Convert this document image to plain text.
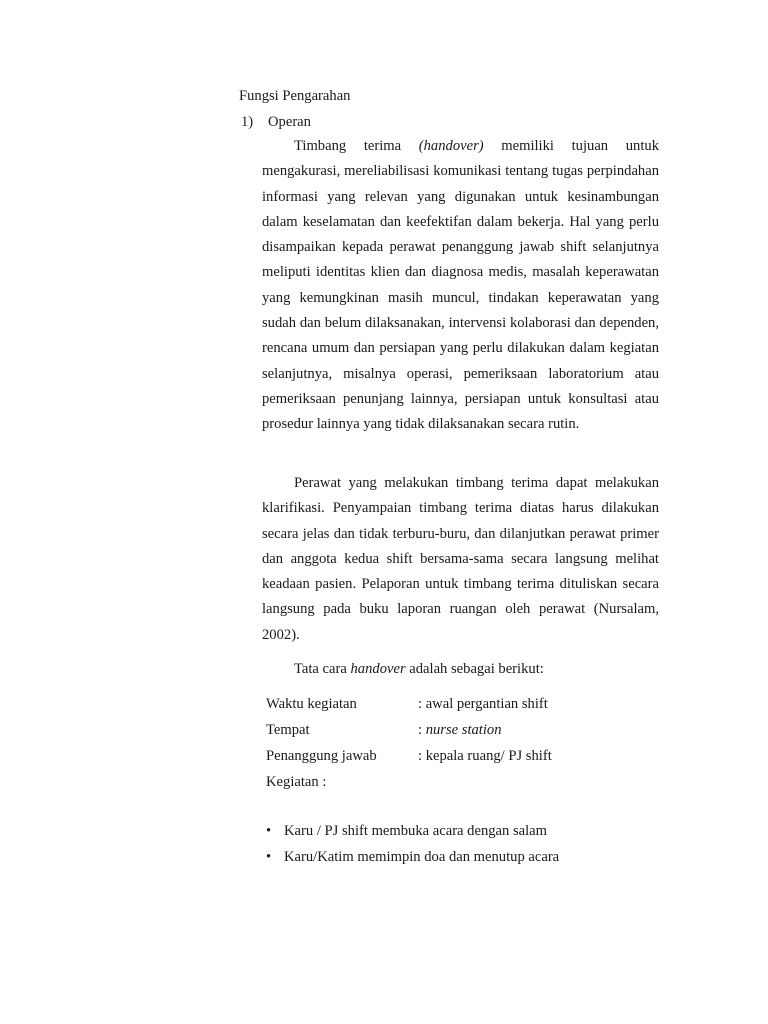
Fungsi Pengarahan
1) Operan

Timbang terima (handover) memiliki tujuan untuk mengakurasi, mereliabilisasi komunikasi tentang tugas perpindahan informasi yang relevan yang digunakan untuk kesinambungan dalam keselamatan dan keefektifan dalam bekerja. Hal yang perlu disampaikan kepada perawat penanggung jawab shift selanjutnya meliputi identitas klien dan diagnosa medis, masalah keperawatan yang kemungkinan masih muncul, tindakan keperawatan yang sudah dan belum dilaksanakan, intervensi kolaborasi dan dependen, rencana umum dan persiapan yang perlu dilakukan dalam kegiatan selanjutnya, misalnya operasi, pemeriksaan laboratorium atau pemeriksaan penunjang lainnya, persiapan untuk konsultasi atau prosedur lainnya yang tidak dilaksanakan secara rutin.

Perawat yang melakukan timbang terima dapat melakukan klarifikasi. Penyampaian timbang terima diatas harus dilakukan secara jelas dan tidak terburu-buru, dan dilanjutkan perawat primer dan anggota kedua shift bersama-sama secara langsung melihat keadaan pasien. Pelaporan untuk timbang terima dituliskan secara langsung pada buku laporan ruangan oleh perawat (Nursalam, 2002).

Tata cara handover adalah sebagai berikut:

Waktu kegiatan	: awal pergantian shift
Tempat	: nurse station
Penanggung jawab	: kepala ruang/ PJ shift
Kegiatan :
• Karu / PJ shift membuka acara dengan salam
• Karu/Katim memimpin doa dan menutup acara
